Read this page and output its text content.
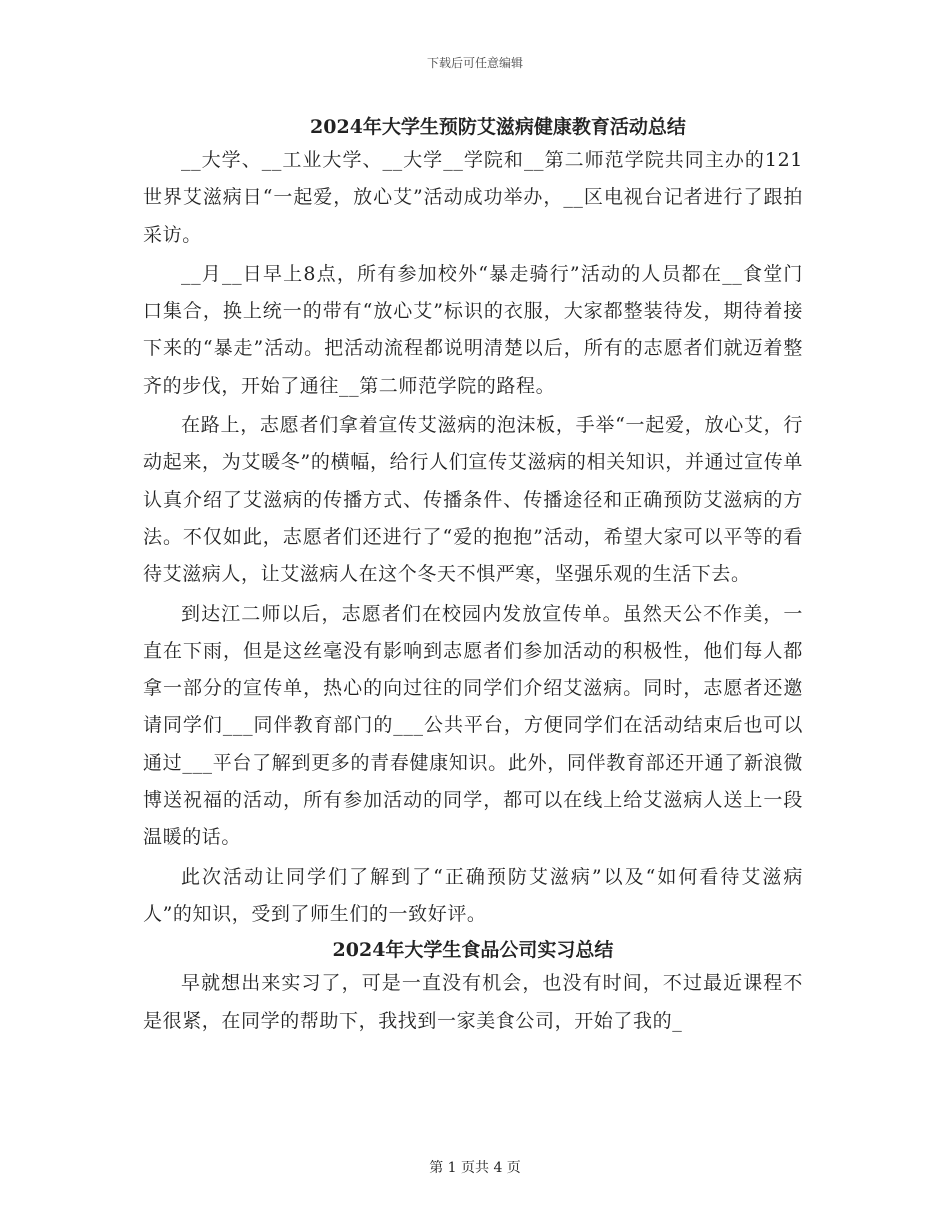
下载后可任意编辑
2024年大学生预防艾滋病健康教育活动总结

__大学、__工业大学、__大学__学院和__第二师范学院共同主办的121世界艾滋病日“一起爱，放心艾”活动成功举办，__区电视台记者进行了跟拍采访。

__月__日早上8点，所有参加校外“暴走骑行”活动的人员都在__食堂门口集合，换上统一的带有“放心艾”标识的衣服，大家都整装待发，期待着接下来的“暴走”活动。把活动流程都说明清楚以后，所有的志愿者们就迈着整齐的步伐，开始了通往__第二师范学院的路程。

在路上，志愿者们拿着宣传艾滋病的泡沫板，手举“一起爱，放心艾，行动起来，为艾暖冬”的横幅，给行人们宣传艾滋病的相关知识，并通过宣传单认真介绍了艾滋病的传播方式、传播条件、传播途径和正确预防艾滋病的方法。不仅如此，志愿者们还进行了“爱的抱抱”活动，希望大家可以平等的看待艾滋病人，让艾滋病人在这个冬天不惧严寒，坚强乐观的生活下去。

到达江二师以后，志愿者们在校园内发放宣传单。虽然天公不作美，一直在下雨，但是这丝毫没有影响到志愿者们参加活动的积极性，他们每人都拿一部分的宣传单，热心的向过往的同学们介绍艾滋病。同时，志愿者还邀请同学们___同伴教育部门的___公共平台，方便同学们在活动结束后也可以通过___平台了解到更多的青春健康知识。此外，同伴教育部还开通了新浪微博送祝福的活动，所有参加活动的同学，都可以在线上给艾滋病人送上一段温暖的话。

此次活动让同学们了解到了“正确预防艾滋病”以及“如何看待艾滋病人”的知识，受到了师生们的一致好评。

2024年大学生食品公司实习总结

早就想出来实习了，可是一直没有机会，也没有时间，不过最近课程不是很紧，在同学的帮助下，我找到一家美食公司，开始了我的_

第 1 页共 4 页
